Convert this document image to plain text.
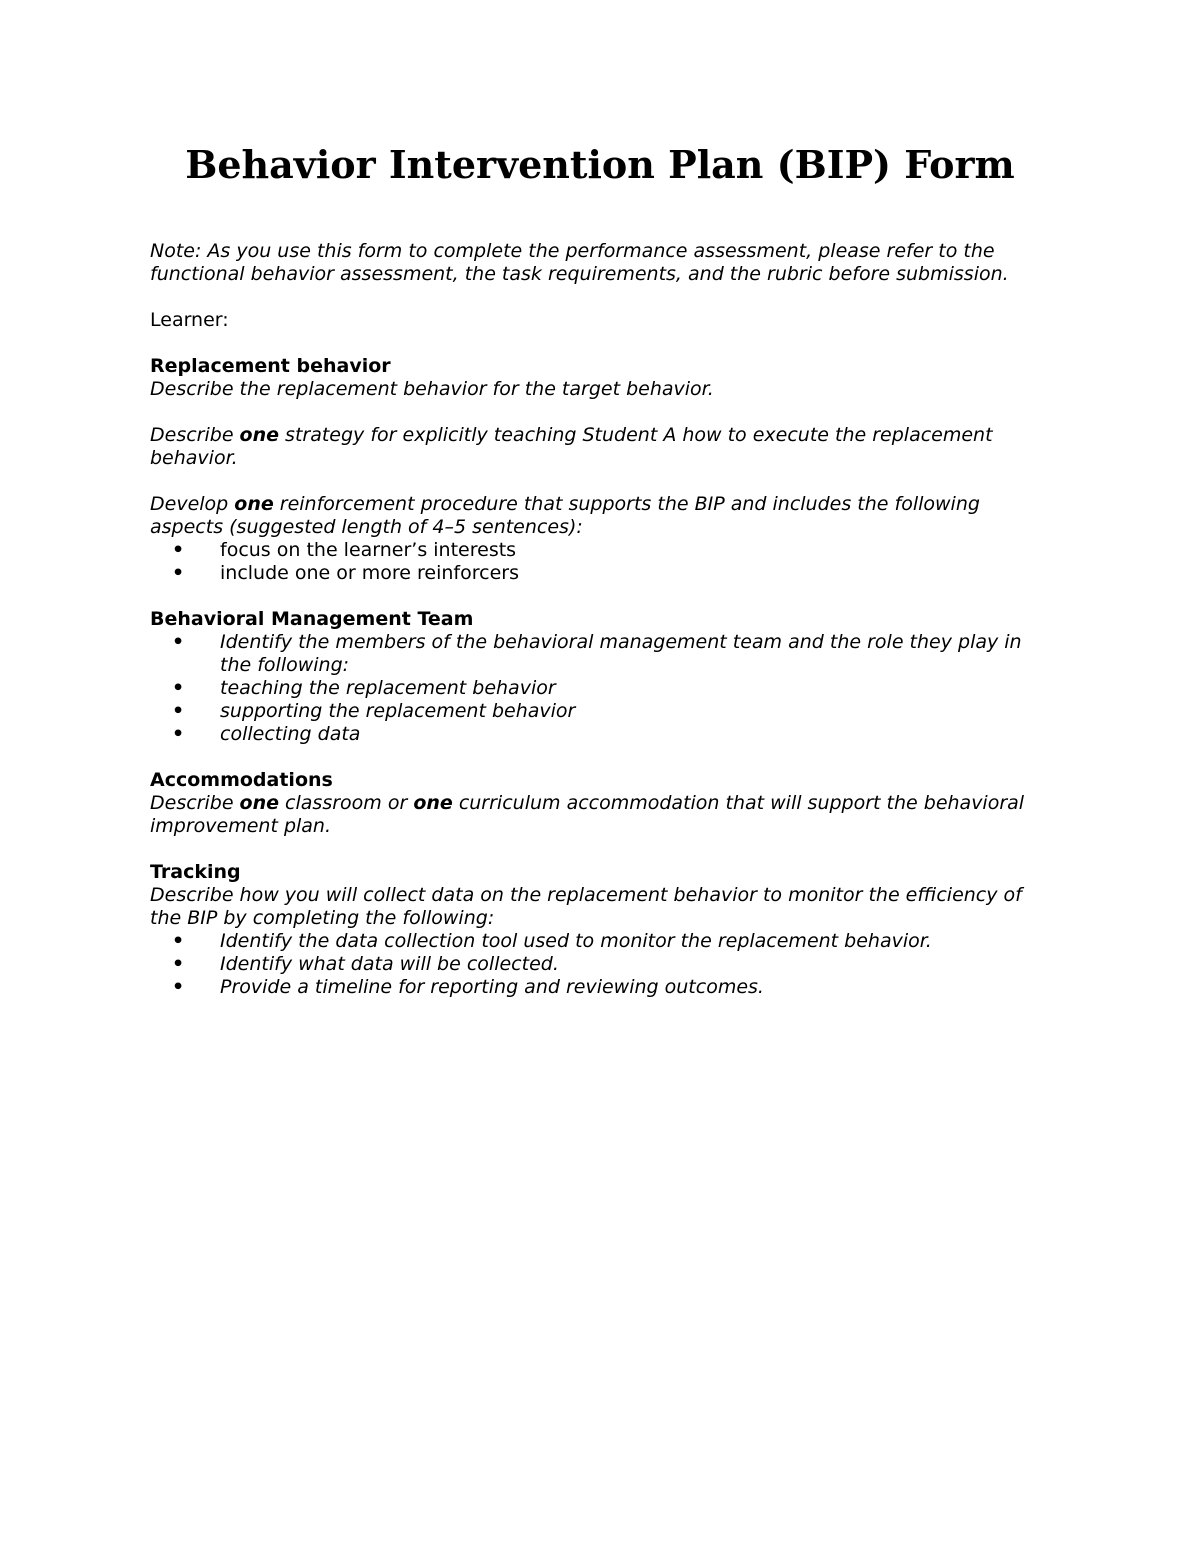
Behavior Intervention Plan (BIP) Form

Note: As you use this form to complete the performance assessment, please refer to the functional behavior assessment, the task requirements, and the rubric before submission.

Learner:

Replacement behavior

Describe the replacement behavior for the target behavior.

Describe one strategy for explicitly teaching Student A how to execute the replacement behavior.

Develop one reinforcement procedure that supports the BIP and includes the following aspects (suggested length of 4–5 sentences):

• focus on the learner’s interests
• include one or more reinforcers
Behavioral Management Team
• Identify the members of the behavioral management team and the role they play in the following:
• teaching the replacement behavior
• supporting the replacement behavior
• collecting data
Accommodations

Describe one classroom or one curriculum accommodation that will support the behavioral improvement plan.

Tracking

Describe how you will collect data on the replacement behavior to monitor the efficiency of the BIP by completing the following:

• Identify the data collection tool used to monitor the replacement behavior.
• Identify what data will be collected.
• Provide a timeline for reporting and reviewing outcomes.
